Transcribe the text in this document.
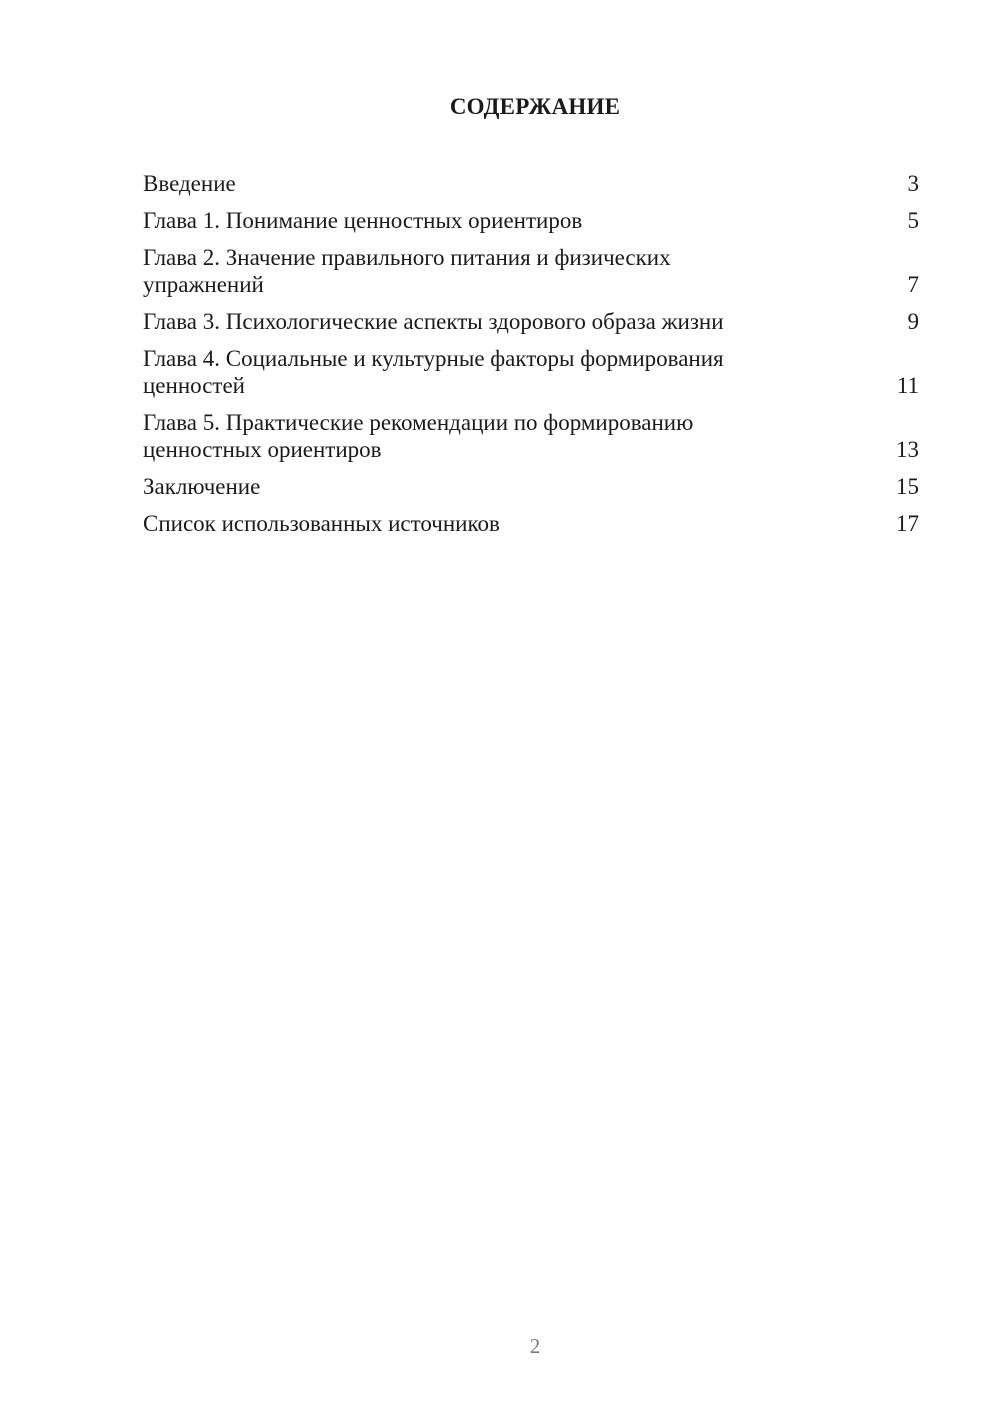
СОДЕРЖАНИЕ
Введение	3
Глава 1. Понимание ценностных ориентиров	5
Глава 2. Значение правильного питания и физических упражнений	7
Глава 3. Психологические аспекты здорового образа жизни	9
Глава 4. Социальные и культурные факторы формирования ценностей	11
Глава 5. Практические рекомендации по формированию ценностных ориентиров	13
Заключение	15
Список использованных источников	17

2
